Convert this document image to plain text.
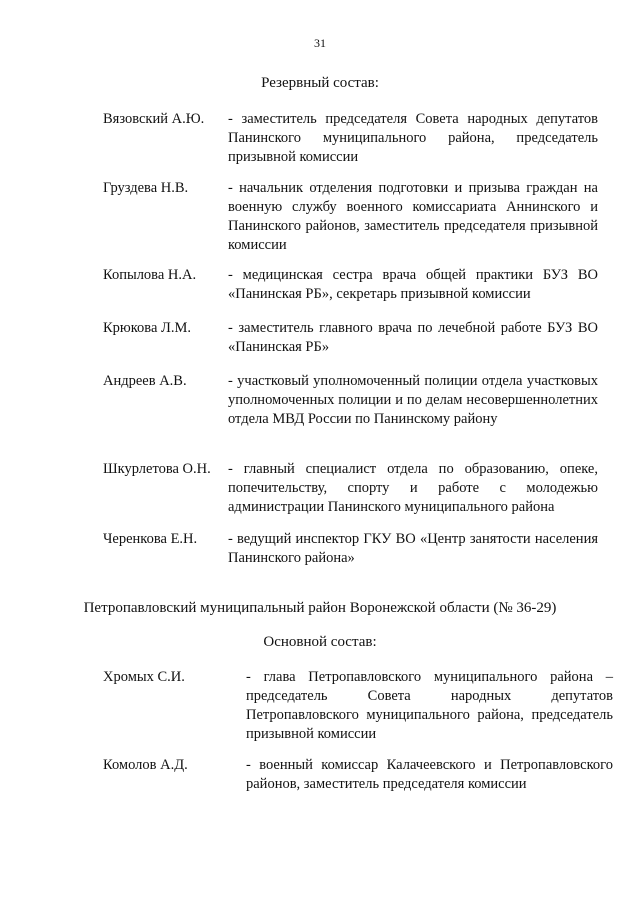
31
Резервный состав:
Вязовский А.Ю. - заместитель председателя Совета народных депутатов Панинского муниципального района, председатель призывной комиссии
Груздева Н.В.	- начальник отделения подготовки и призыва граждан на военную службу военного комиссариата Аннинского и Панинского районов, заместитель председателя призывной комиссии
Копылова Н.А. - медицинская сестра врача общей практики БУЗ ВО «Панинская РБ», секретарь призывной комиссии
Крюкова Л.М.	- заместитель главного врача по лечебной работе БУЗ ВО «Панинская РБ»
Андреев А.В.	- участковый уполномоченный полиции отдела участковых уполномоченных полиции и по делам несовершеннолетних отдела МВД России по Панинскому району
Шкурлетова О.Н. - главный специалист отдела по образованию, опеке, попечительству, спорту и работе с молодежью администрации Панинского муниципального района
Черенкова Е.Н. - ведущий инспектор ГКУ ВО «Центр занятости населения Панинского района»
Петропавловский муниципальный район Воронежской области (№ 36-29)
Основной состав:
Хромых С.И.	- глава Петропавловского муниципального района – председатель Совета народных депутатов Петропавловского муниципального района, председатель призывной комиссии
Комолов А.Д.	- военный комиссар Калачеевского и Петропавловского районов, заместитель председателя комиссии
